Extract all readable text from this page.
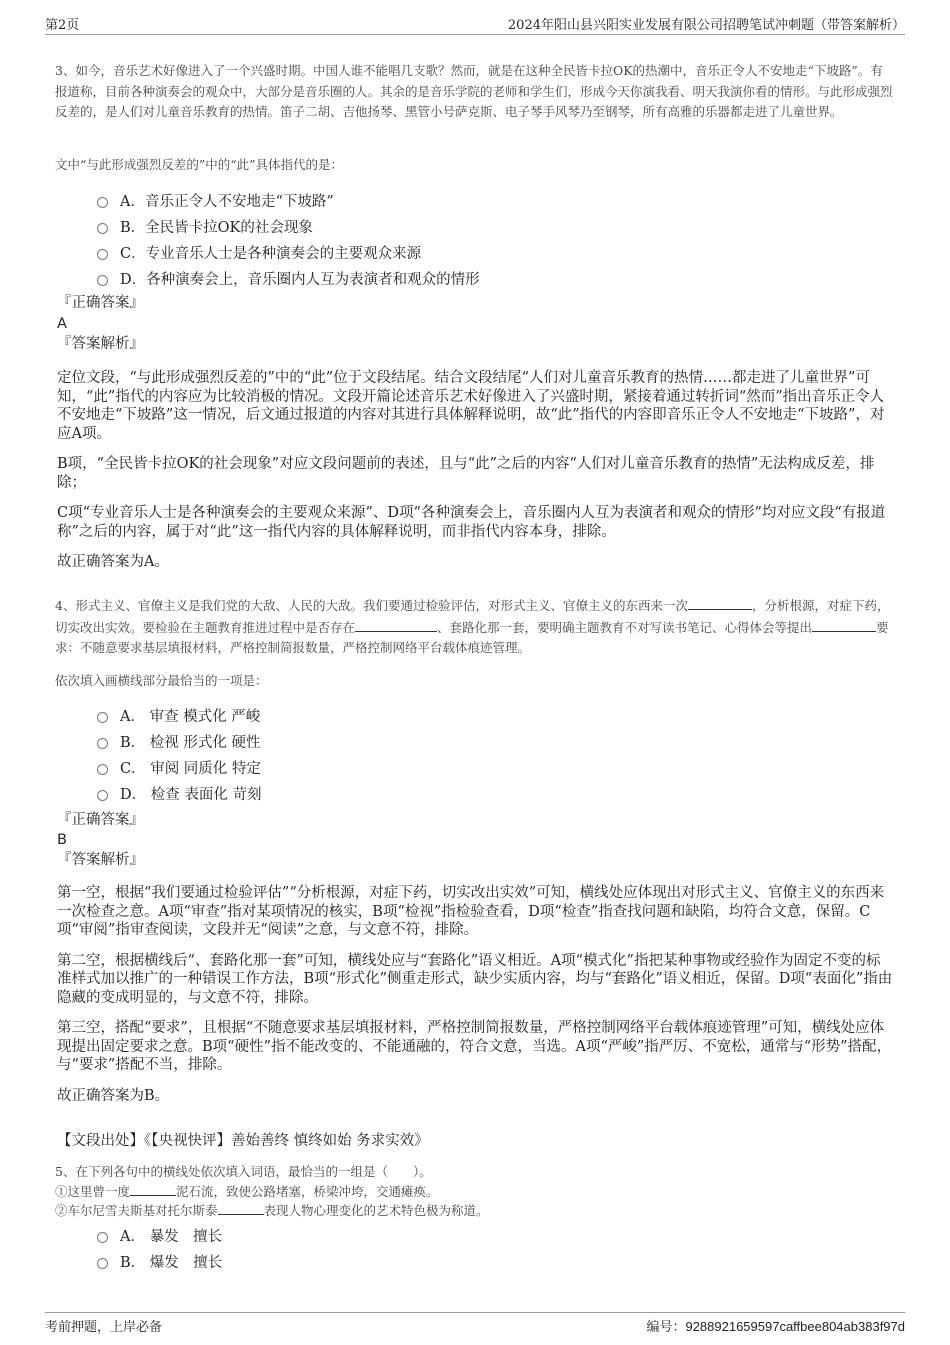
第2页	2024年阳山县兴阳实业发展有限公司招聘笔试冲刺题（带答案解析）
3、如今，音乐艺术好像进入了一个兴盛时期。中国人谁不能唱几支歌？然而，就是在这种全民皆卡拉OK的热潮中，音乐正令人不安地走“下坡路”。有报道称，目前各种演奏会的观众中，大部分是音乐圈的人。其余的是音乐学院的老师和学生们，形成今天你演我看、明天我演你看的情形。与此形成强烈反差的，是人们对儿童音乐教育的热情。笛子二胡、吉他扬琴、黑管小号萨克斯、电子琴手风琴乃至钢琴，所有高雅的乐器都走进了儿童世界。
文中“与此形成强烈反差的”中的“此”具体指代的是：
A．音乐正令人不安地走“下坡路”
B．全民皆卡拉OK的社会现象
C．专业音乐人士是各种演奏会的主要观众来源
D．各种演奏会上，音乐圈内人互为表演者和观众的情形
『正确答案』
A
『答案解析』

定位文段，“与此形成强烈反差的”中的“此”位于文段结尾。结合文段结尾“人们对儿童音乐教育的热情……都走进了儿童世界”可知，“此”指代的内容应为比较消极的情况。文段开篇论述音乐艺术好像进入了兴盛时期，紧接着通过转折词“然而”指出音乐正令人不安地走“下坡路”这一情况，后文通过报道的内容对其进行具体解释说明，故“此”指代的内容即音乐正令人不安地走“下坡路”，对应A项。

B项，“全民皆卡拉OK的社会现象”对应文段问题前的表述，且与“此”之后的内容“人们对儿童音乐教育的热情”无法构成反差，排除；

C项“专业音乐人士是各种演奏会的主要观众来源”、D项“各种演奏会上，音乐圈内人互为表演者和观众的情形”均对应文段“有报道称”之后的内容，属于对“此”这一指代内容的具体解释说明，而非指代内容本身，排除。

故正确答案为A。

4、形式主义、官僚主义是我们党的大敌、人民的大敌。我们要通过检验评估，对形式主义、官僚主义的东西来一次	，分析根源，对症下药，切实改出实效。要检验在主题教育推进过程中是否存在	、套路化那一套，要明确主题教育不对写读书笔记、心得体会等提出	要求：不随意要求基层填报材料，严格控制简报数量，严格控制网络平台载体痕迹管理。
依次填入画横线部分最恰当的一项是：
A． 审查 模式化 严峻
B． 检视 形式化 硬性
C． 审阅 同质化 特定
D． 检查 表面化 苛刻
『正确答案』
B
『答案解析』

第一空，根据“我们要通过检验评估”“分析根源，对症下药，切实改出实效”可知，横线处应体现出对形式主义、官僚主义的东西来一次检查之意。A项“审查”指对某项情况的核实，B项“检视”指检验查看，D项“检查”指查找问题和缺陷，均符合文意，保留。C项“审阅”指审查阅读，文段并无“阅读”之意，与文意不符，排除。

第二空，根据横线后“、套路化那一套”可知，横线处应与“套路化”语义相近。A项“模式化”指把某种事物或经验作为固定不变的标准样式加以推广的一种错误工作方法，B项“形式化”侧重走形式，缺少实质内容，均与“套路化”语义相近，保留。D项“表面化”指由隐藏的变成明显的，与文意不符，排除。

第三空，搭配“要求”，且根据“不随意要求基层填报材料，严格控制简报数量，严格控制网络平台载体痕迹管理”可知，横线处应体现提出固定要求之意。B项“硬性”指不能改变的、不能通融的，符合文意，当选。A项“严峻”指严厉、不宽松，通常与“形势”搭配，与“要求”搭配不当，排除。

故正确答案为B。

【文段出处】《【央视快评】善始善终 慎终如始 务求实效》
5、在下列各句中的横线处依次填入词语，最恰当的一组是（　　）。
①这里曾一度	泥石流，致使公路堵塞，桥梁冲垮，交通瘫痪。
②车尔尼雪夫斯基对托尔斯泰	表现人物心理变化的艺术特色极为称道。
A． 暴发　擅长
B． 爆发　擅长
考前押题，上岸必备	编号：9288921659597caffbee804ab383f97d
